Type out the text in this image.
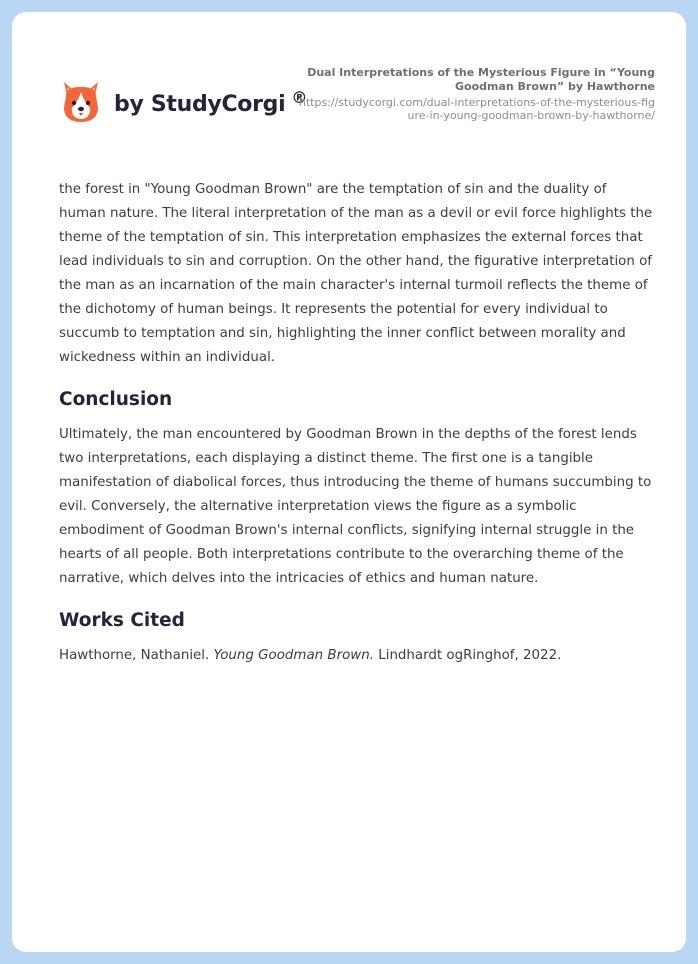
by StudyCorgi ®
Dual Interpretations of the Mysterious Figure in “Young Goodman Brown” by Hawthorne
https://studycorgi.com/dual-interpretations-of-the-mysterious-figure-in-young-goodman-brown-by-hawthorne/

the forest in "Young Goodman Brown" are the temptation of sin and the duality of human nature. The literal interpretation of the man as a devil or evil force highlights the theme of the temptation of sin. This interpretation emphasizes the external forces that lead individuals to sin and corruption. On the other hand, the figurative interpretation of the man as an incarnation of the main character's internal turmoil reflects the theme of the dichotomy of human beings. It represents the potential for every individual to succumb to temptation and sin, highlighting the inner conflict between morality and wickedness within an individual.

Conclusion

Ultimately, the man encountered by Goodman Brown in the depths of the forest lends two interpretations, each displaying a distinct theme. The first one is a tangible manifestation of diabolical forces, thus introducing the theme of humans succumbing to evil. Conversely, the alternative interpretation views the figure as a symbolic embodiment of Goodman Brown's internal conflicts, signifying internal struggle in the hearts of all people. Both interpretations contribute to the overarching theme of the narrative, which delves into the intricacies of ethics and human nature.

Works Cited

Hawthorne, Nathaniel. Young Goodman Brown. Lindhardt ogRinghof, 2022.
